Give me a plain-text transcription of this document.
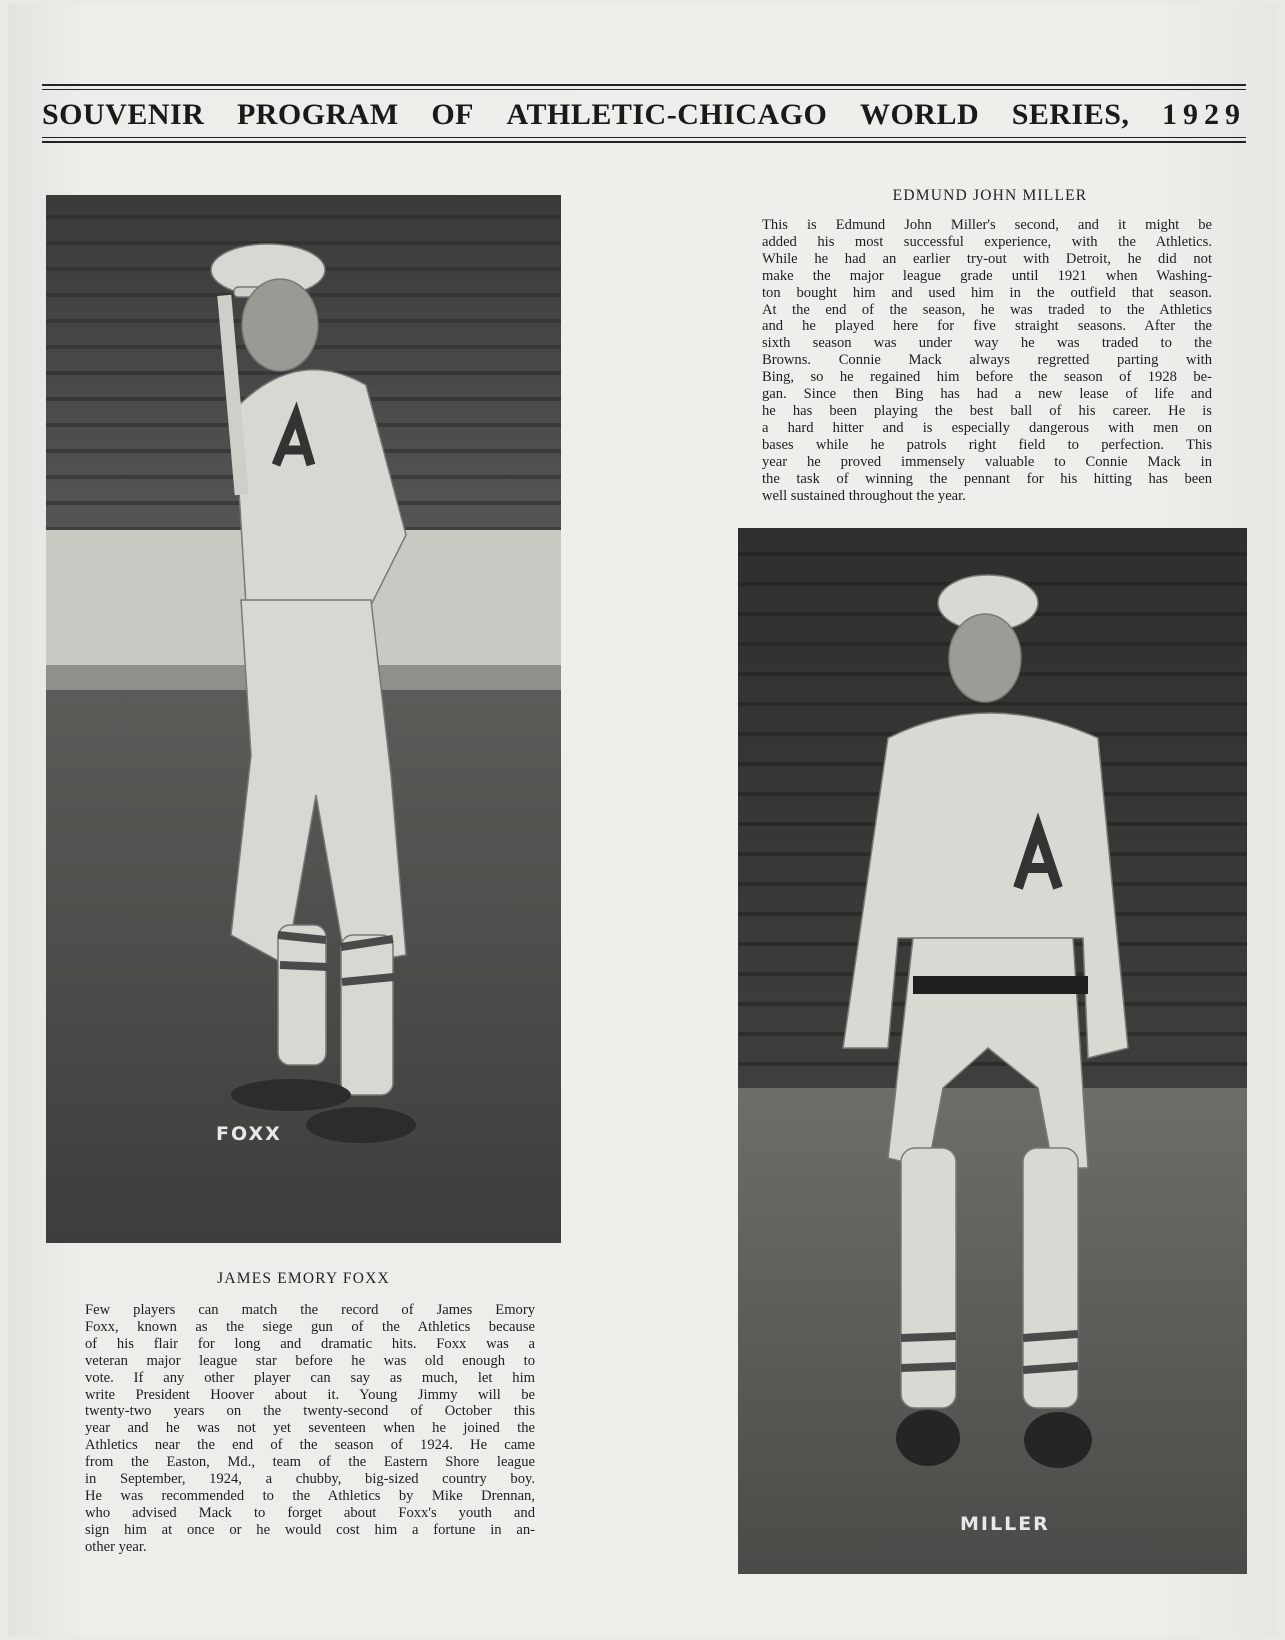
SOUVENIR PROGRAM OF ATHLETIC-CHICAGO WORLD SERIES, 1929
FOXX
JAMES EMORY FOXX
Few players can match the record of James Emory
Foxx, known as the siege gun of the Athletics because
of his flair for long and dramatic hits. Foxx was a
veteran major league star before he was old enough to
vote. If any other player can say as much, let him
write President Hoover about it. Young Jimmy will be
twenty-two years on the twenty-second of October this
year and he was not yet seventeen when he joined the
Athletics near the end of the season of 1924. He came
from the Easton, Md., team of the Eastern Shore league
in September, 1924, a chubby, big-sized country boy.
He was recommended to the Athletics by Mike Drennan,
who advised Mack to forget about Foxx's youth and
sign him at once or he would cost him a fortune in an-
other year.
EDMUND JOHN MILLER
This is Edmund John Miller's second, and it might be
added his most successful experience, with the Athletics.
While he had an earlier try-out with Detroit, he did not
make the major league grade until 1921 when Washing-
ton bought him and used him in the outfield that season.
At the end of the season, he was traded to the Athletics
and he played here for five straight seasons. After the
sixth season was under way he was traded to the
Browns. Connie Mack always regretted parting with
Bing, so he regained him before the season of 1928 be-
gan. Since then Bing has had a new lease of life and
he has been playing the best ball of his career. He is
a hard hitter and is especially dangerous with men on
bases while he patrols right field to perfection. This
year he proved immensely valuable to Connie Mack in
the task of winning the pennant for his hitting has been
well sustained throughout the year.
MILLER
